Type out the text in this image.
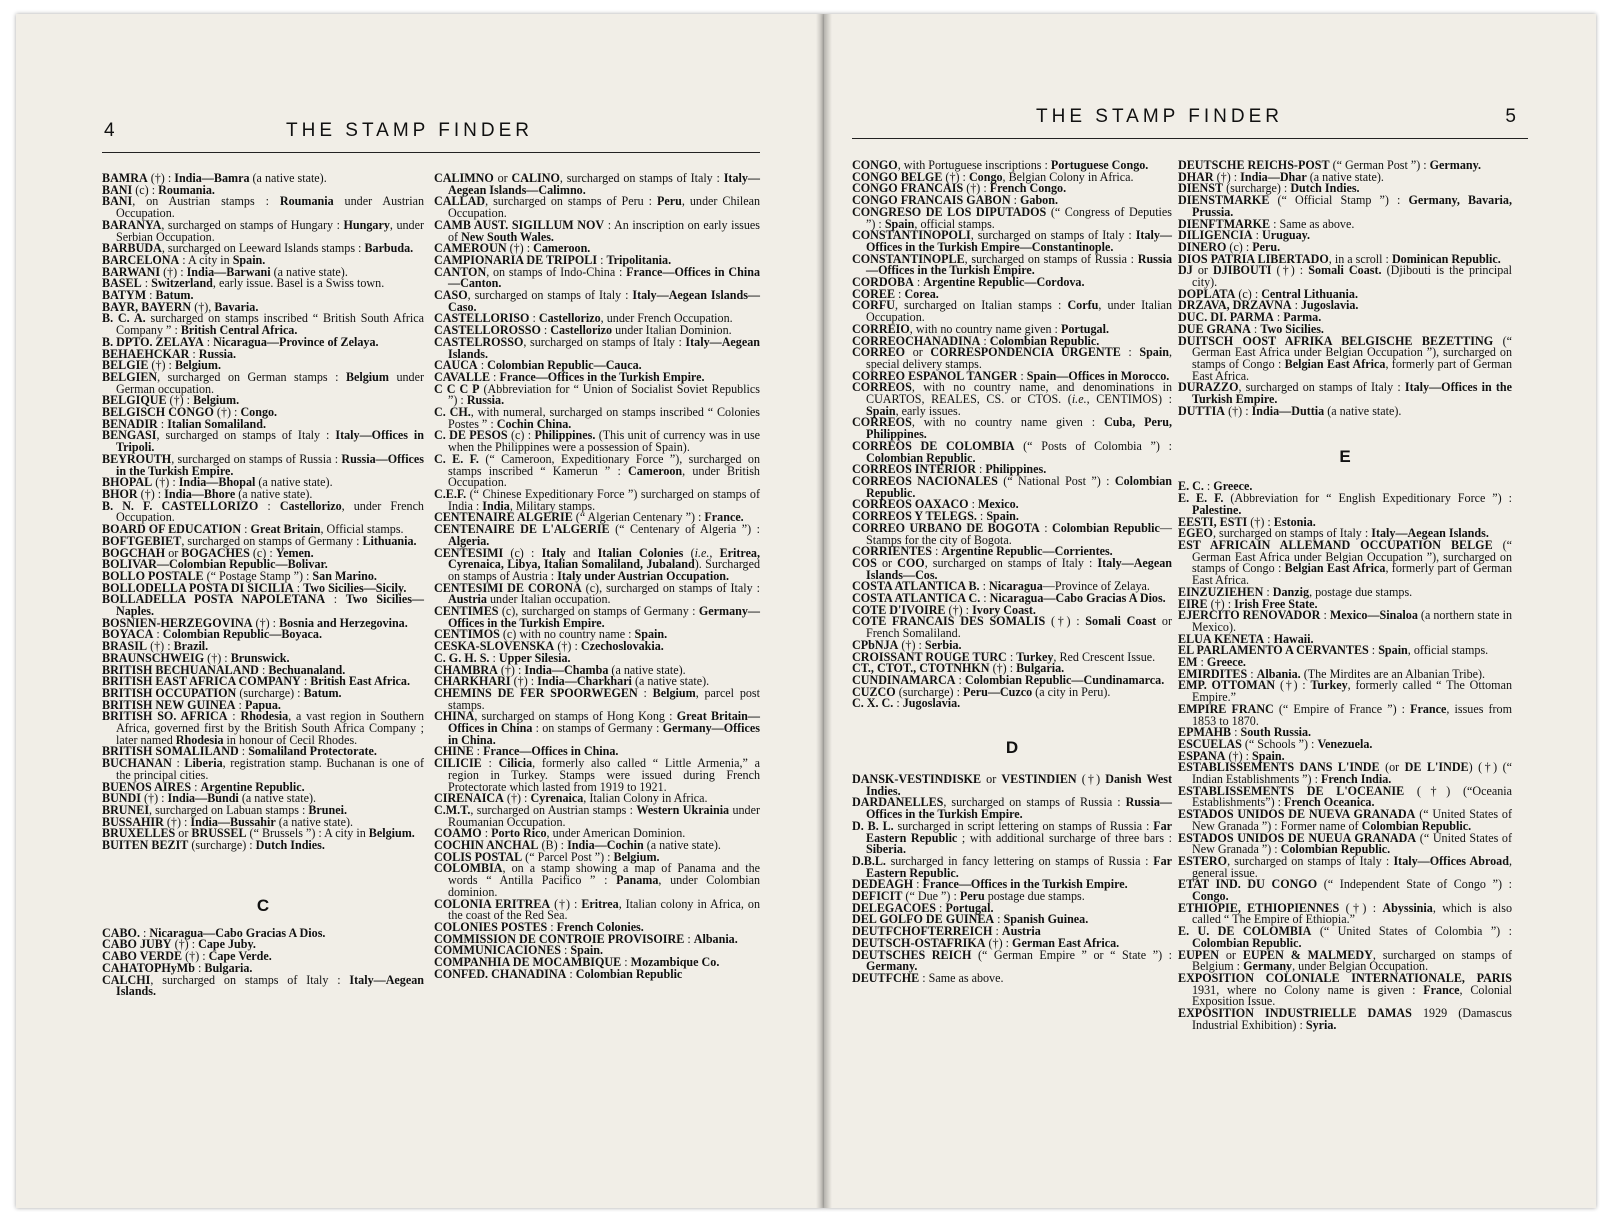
4	THE STAMP FINDER

BAMRA (†) : India—Bamra (a native state).

BANI (c) : Roumania.

BANI, on Austrian stamps : Roumania under Austrian Occupation.

BARANYA, surcharged on stamps of Hungary : Hungary, under Serbian Occupation.

BARBUDA, surcharged on Leeward Islands stamps : Barbuda.

BARCELONA : A city in Spain.

BARWANI (†) : India—Barwani (a native state).

BASEL : Switzerland, early issue. Basel is a Swiss town.

BATYM : Batum.

BAYR, BAYERN (†), Bavaria.

B. C. A. surcharged on stamps inscribed “ British South Africa Company ” : British Central Africa.

B. DPTO. ZELAYA : Nicaragua—Province of Zelaya.

BEHAEHCKAR : Russia.

BELGIE (†) : Belgium.

BELGIEN, surcharged on German stamps : Belgium under German occupation.

BELGIQUE (†) : Belgium.

BELGISCH CONGO (†) : Congo.

BENADIR : Italian Somaliland.

BENGASI, surcharged on stamps of Italy : Italy—Offices in Tripoli.

BEYROUTH, surcharged on stamps of Russia : Russia—Offices in the Turkish Empire.

BHOPAL (†) : India—Bhopal (a native state).

BHOR (†) : India—Bhore (a native state).

B. N. F. CASTELLORIZO : Castellorizo, under French Occupation.

BOARD OF EDUCATION : Great Britain, Official stamps.

BOFTGEBIET, surcharged on stamps of Germany : Lithuania.

BOGCHAH or BOGACHES (c) : Yemen.

BOLIVAR—Colombian Republic—Bolivar.

BOLLO POSTALE (“ Postage Stamp ”) : San Marino.

BOLLODELLA POSTA DI SICILIA : Two Sicilies—Sicily.

BOLLADELLA POSTA NAPOLETANA : Two Sicilies—Naples.

BOSNIEN-HERZEGOVINA (†) : Bosnia and Herzegovina.

BOYACA : Colombian Republic—Boyaca.

BRASIL (†) : Brazil.

BRAUNSCHWEIG (†) : Brunswick.

BRITISH BECHUANALAND : Bechuanaland.

BRITISH EAST AFRICA COMPANY : British East Africa.

BRITISH OCCUPATION (surcharge) : Batum.

BRITISH NEW GUINEA : Papua.

BRITISH SO. AFRICA : Rhodesia, a vast region in Southern Africa, governed first by the British South Africa Company ; later named Rhodesia in honour of Cecil Rhodes.

BRITISH SOMALILAND : Somaliland Protectorate.

BUCHANAN : Liberia, registration stamp. Buchanan is one of the principal cities.

BUENOS AIRES : Argentine Republic.

BUNDI (†) : India—Bundi (a native state).

BRUNEI, surcharged on Labuan stamps : Brunei.

BUSSAHIR (†) : India—Bussahir (a native state).

BRUXELLES or BRUSSEL (“ Brussels ”) : A city in Belgium.

BUITEN BEZIT (surcharge) : Dutch Indies.

C

CABO. : Nicaragua—Cabo Gracias A Dios.

CABO JUBY (†) : Cape Juby.

CABO VERDE (†) : Cape Verde.

CAHATOPHyMb : Bulgaria.

CALCHI, surcharged on stamps of Italy : Italy—Aegean Islands.

CALIMNO or CALINO, surcharged on stamps of Italy : Italy—Aegean Islands—Calimno.

CALLAD, surcharged on stamps of Peru : Peru, under Chilean Occupation.

CAMB AUST. SIGILLUM NOV : An inscription on early issues of New South Wales.

CAMEROUN (†) : Cameroon.

CAMPIONARIA DE TRIPOLI : Tripolitania.

CANTON, on stamps of Indo-China : France—Offices in China—Canton.

CASO, surcharged on stamps of Italy : Italy—Aegean Islands—Caso.

CASTELLORISO : Castellorizo, under French Occupation.

CASTELLOROSSO : Castellorizo under Italian Dominion.

CASTELROSSO, surcharged on stamps of Italy : Italy—Aegean Islands.

CAUCA : Colombian Republic—Cauca.

CAVALLE : France—Offices in the Turkish Empire.

C C C P (Abbreviation for “ Union of Socialist Soviet Republics ”) : Russia.

C. CH., with numeral, surcharged on stamps inscribed “ Colonies Postes ” : Cochin China.

C. DE PESOS (c) : Philippines. (This unit of currency was in use when the Philippines were a possession of Spain).

C. E. F. (“ Cameroon, Expeditionary Force ”), surcharged on stamps inscribed “ Kamerun ” : Cameroon, under British Occupation.

C.E.F. (“ Chinese Expeditionary Force ”) surcharged on stamps of India : India, Military stamps.

CENTENAIRE ALGERIE (“ Algerian Centenary ”) : France.

CENTENAIRE DE L'ALGERIE (“ Centenary of Algeria ”) : Algeria.

CENTESIMI (c) : Italy and Italian Colonies (i.e., Eritrea, Cyrenaica, Libya, Italian Somaliland, Jubaland). Surcharged on stamps of Austria : Italy under Austrian Occupation.

CENTESIMI DE CORONA (c), surcharged on stamps of Italy : Austria under Italian occupation.

CENTIMES (c), surcharged on stamps of Germany : Germany—Offices in the Turkish Empire.

CENTIMOS (c) with no country name : Spain.

CESKA-SLOVENSKA (†) : Czechoslovakia.

C. G. H. S. : Upper Silesia.

CHAMBRA (†) : India—Chamba (a native state).

CHARKHARI (†) : India—Charkhari (a native state).

CHEMINS DE FER SPOORWEGEN : Belgium, parcel post stamps.

CHINA, surcharged on stamps of Hong Kong : Great Britain—Offices in China : on stamps of Germany : Germany—Offices in China.

CHINE : France—Offices in China.

CILICIE : Cilicia, formerly also called “ Little Armenia,” a region in Turkey. Stamps were issued during French Protectorate which lasted from 1919 to 1921.

CIRENAICA (†) : Cyrenaica, Italian Colony in Africa.

C.M.T., surcharged on Austrian stamps : Western Ukrainia under Roumanian Occupation.

COAMO : Porto Rico, under American Dominion.

COCHIN ANCHAL (B) : India—Cochin (a native state).

COLIS POSTAL (“ Parcel Post ”) : Belgium.

COLOMBIA, on a stamp showing a map of Panama and the words “ Antilla Pacifico ” : Panama, under Colombian dominion.

COLONIA ERITREA (†) : Eritrea, Italian colony in Africa, on the coast of the Red Sea.

COLONIES POSTES : French Colonies.

COMMISSION DE CONTROIE PROVISOIRE : Albania.

COMMUNICACIONES : Spain.

COMPANHIA DE MOCAMBIQUE : Mozambique Co.

CONFED. CHANADINA : Colombian Republic

THE STAMP FINDER	5

CONGO, with Portuguese inscriptions : Portuguese Congo.

CONGO BELGE (†) : Congo, Belgian Colony in Africa.

CONGO FRANCAIS (†) : French Congo.

CONGO FRANCAIS GABON : Gabon.

CONGRESO DE LOS DIPUTADOS (“ Congress of Deputies ”) : Spain, official stamps.

CONSTANTINOPOLI, surcharged on stamps of Italy : Italy—Offices in the Turkish Empire—Constantinople.

CONSTANTINOPLE, surcharged on stamps of Russia : Russia—Offices in the Turkish Empire.

CORDOBA : Argentine Republic—Cordova.

COREE : Corea.

CORFU, surcharged on Italian stamps : Corfu, under Italian Occupation.

CORREIO, with no country name given : Portugal.

CORREOCHANADINA : Colombian Republic.

CORREO or CORRESPONDENCIA URGENTE : Spain, special delivery stamps.

CORREO ESPANOL TANGER : Spain—Offices in Morocco.

CORREOS, with no country name, and denominations in CUARTOS, REALES, CS. or CTOS. (i.e., CENTIMOS) : Spain, early issues.

CORREOS, with no country name given : Cuba, Peru, Philippines.

CORREOS DE COLOMBIA (“ Posts of Colombia ”) : Colombian Republic.

CORREOS INTERIOR : Philippines.

CORREOS NACIONALES (“ National Post ”) : Colombian Republic.

CORREOS OAXACO : Mexico.

CORREOS Y TELEGS. : Spain.

CORREO URBANO DE BOGOTA : Colombian Republic—Stamps for the city of Bogota.

CORRIENTES : Argentine Republic—Corrientes.

COS or COO, surcharged on stamps of Italy : Italy—Aegean Islands—Cos.

COSTA ATLANTICA B. : Nicaragua—Province of Zelaya.

COSTA ATLANTICA C. : Nicaragua—Cabo Gracias A Dios.

COTE D'IVOIRE (†) : Ivory Coast.

COTE FRANCAIS DES SOMALIS (†) : Somali Coast or French Somaliland.

CPbNJA (†) : Serbia.

CROISSANT ROUGE TURC : Turkey, Red Crescent Issue.

CT., CTOT., CTOTNHKN (†) : Bulgaria.

CUNDINAMARCA : Colombian Republic—Cundinamarca.

CUZCO (surcharge) : Peru—Cuzco (a city in Peru).

C. X. C. : Jugoslavia.

D

DANSK-VESTINDISKE or VESTINDIEN (†) Danish West Indies.

DARDANELLES, surcharged on stamps of Russia : Russia—Offices in the Turkish Empire.

D. B. L. surcharged in script lettering on stamps of Russia : Far Eastern Republic ; with additional surcharge of three bars : Siberia.

D.B.L. surcharged in fancy lettering on stamps of Russia : Far Eastern Republic.

DEDEAGH : France—Offices in the Turkish Empire.

DEFICIT (“ Due ”) : Peru postage due stamps.

DELEGACOES : Portugal.

DEL GOLFO DE GUINEA : Spanish Guinea.

DEUTFCHOFTERREICH : Austria

DEUTSCH-OSTAFRIKA (†) : German East Africa.

DEUTSCHES REICH (“ German Empire ” or “ State ”) : Germany.

DEUTFCHE : Same as above.

DEUTSCHE REICHS-POST (“ German Post ”) : Germany.

DHAR (†) : India—Dhar (a native state).

DIENST (surcharge) : Dutch Indies.

DIENSTMARKE (“ Official Stamp ”) : Germany, Bavaria, Prussia.

DIENFTMARKE : Same as above.

DILIGENCIA : Uruguay.

DINERO (c) : Peru.

DIOS PATRIA LIBERTADO, in a scroll : Dominican Republic.

DJ or DJIBOUTI (†) : Somali Coast. (Djibouti is the principal city).

DOPLATA (c) : Central Lithuania.

DRZAVA, DRZAVNA : Jugoslavia.

DUC. DI. PARMA : Parma.

DUE GRANA : Two Sicilies.

DUITSCH OOST AFRIKA BELGISCHE BEZETTING (“ German East Africa under Belgian Occupation ”), surcharged on stamps of Congo : Belgian East Africa, formerly part of German East Africa.

DURAZZO, surcharged on stamps of Italy : Italy—Offices in the Turkish Empire.

DUTTIA (†) : India—Duttia (a native state).

E

E. C. : Greece.

E. E. F. (Abbreviation for “ English Expeditionary Force ”) : Palestine.

EESTI, ESTI (†) : Estonia.

EGEO, surcharged on stamps of Italy : Italy—Aegean Islands.

EST AFRICAIN ALLEMAND OCCUPATION BELGE (“ German East Africa under Belgian Occupation ”), surcharged on stamps of Congo : Belgian East Africa, formerly part of German East Africa.

EINZUZIEHEN : Danzig, postage due stamps.

EIRE (†) : Irish Free State.

EJERCITO RENOVADOR : Mexico—Sinaloa (a northern state in Mexico).

ELUA KENETA : Hawaii.

EL PARLAMENTO A CERVANTES : Spain, official stamps.

EM : Greece.

EMIRDITES : Albania. (The Mirdites are an Albanian Tribe).

EMP. OTTOMAN (†) : Turkey, formerly called “ The Ottoman Empire.”

EMPIRE FRANC (“ Empire of France ”) : France, issues from 1853 to 1870.

EPMAHB : South Russia.

ESCUELAS (“ Schools ”) : Venezuela.

ESPANA (†) : Spain.

ESTABLISSEMENTS DANS L'INDE (or DE L'INDE) (†) (“ Indian Establishments ”) : French India.

ESTABLISSEMENTS DE L'OCEANIE (†) (“Oceania Establishments”) : French Oceanica.

ESTADOS UNIDOS DE NUEVA GRANADA (“ United States of New Granada ”) : Former name of Colombian Republic.

ESTADOS UNIDOS DE NUEUA GRANADA (“ United States of New Granada ”) : Colombian Republic.

ESTERO, surcharged on stamps of Italy : Italy—Offices Abroad, general issue.

ETAT IND. DU CONGO (“ Independent State of Congo ”) : Congo.

ETHIOPIE, ETHIOPIENNES (†) : Abyssinia, which is also called “ The Empire of Ethiopia.”

E. U. DE COLOMBIA (“ United States of Colombia ”) : Colombian Republic.

EUPEN or EUPEN & MALMEDY, surcharged on stamps of Belgium : Germany, under Belgian Occupation.

EXPOSITION COLONIALE INTERNATIONALE, PARIS 1931, where no Colony name is given : France, Colonial Exposition Issue.

EXPOSITION INDUSTRIELLE DAMAS 1929 (Damascus Industrial Exhibition) : Syria.
